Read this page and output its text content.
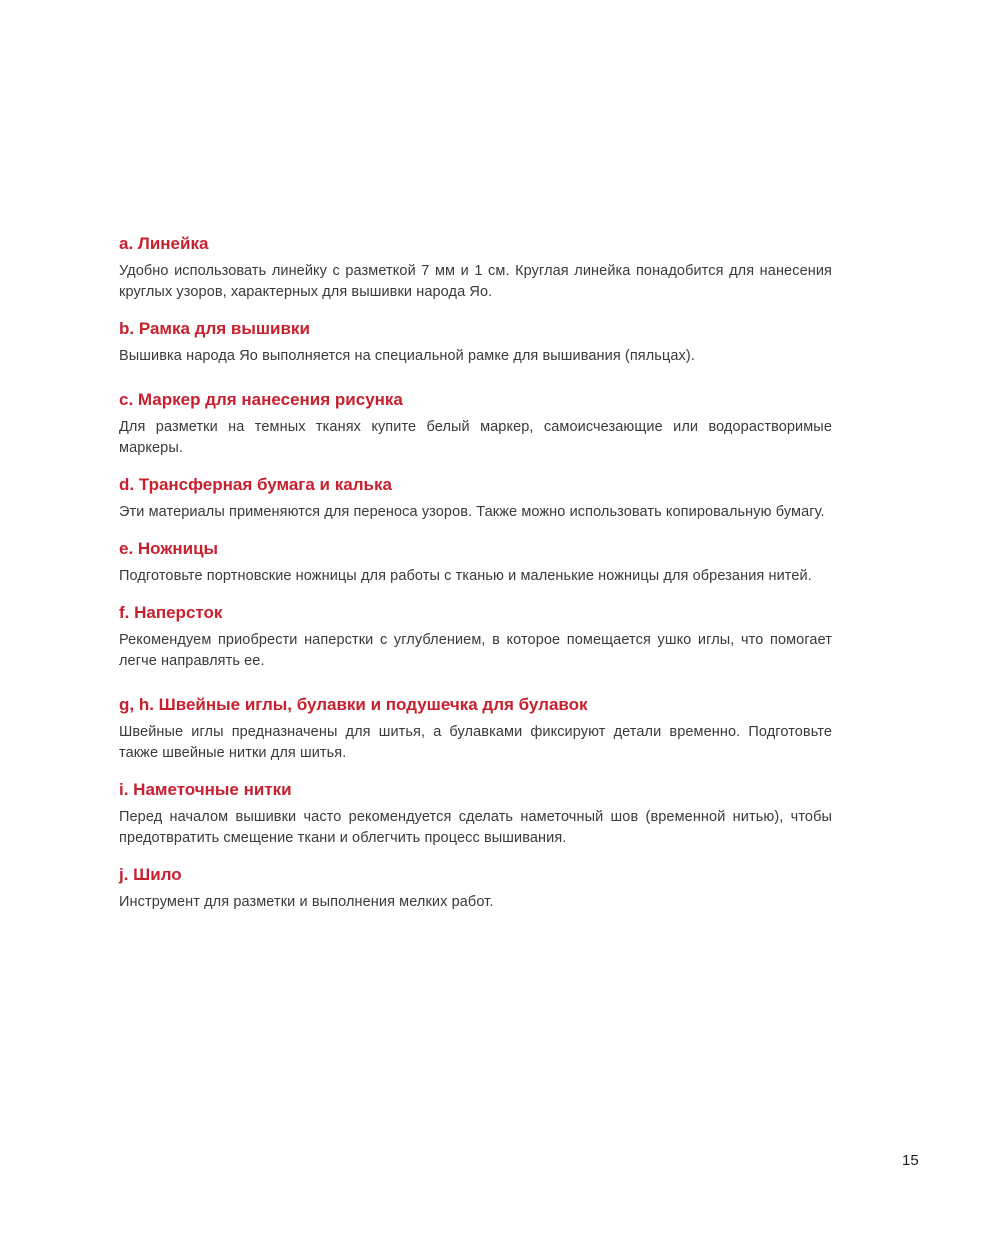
a. Линейка

Удобно использовать линейку с разметкой 7 мм и 1 см. Круглая линейка понадобится для нанесения круглых узоров, характерных для вышивки народа Яо.

b. Рамка для вышивки

Вышивка народа Яо выполняется на специальной рамке для вышивания (пяльцах).

c. Маркер для нанесения рисунка

Для разметки на темных тканях купите белый маркер, самоисчезающие или водорастворимые маркеры.

d. Трансферная бумага и калька

Эти материалы применяются для переноса узоров. Также можно использовать копировальную бумагу.

e. Ножницы

Подготовьте портновские ножницы для работы с тканью и маленькие ножницы для обрезания нитей.

f. Наперсток

Рекомендуем приобрести наперстки с углублением, в которое помещается ушко иглы, что помогает легче направлять ее.

g, h. Швейные иглы, булавки и подушечка для булавок

Швейные иглы предназначены для шитья, а булавками фиксируют детали временно. Подготовьте также швейные нитки для шитья.

i. Наметочные нитки

Перед началом вышивки часто рекомендуется сделать наметочный шов (временной нитью), чтобы предотвратить смещение ткани и облегчить процесс вышивания.

j. Шило

Инструмент для разметки и выполнения мелких работ.

15
